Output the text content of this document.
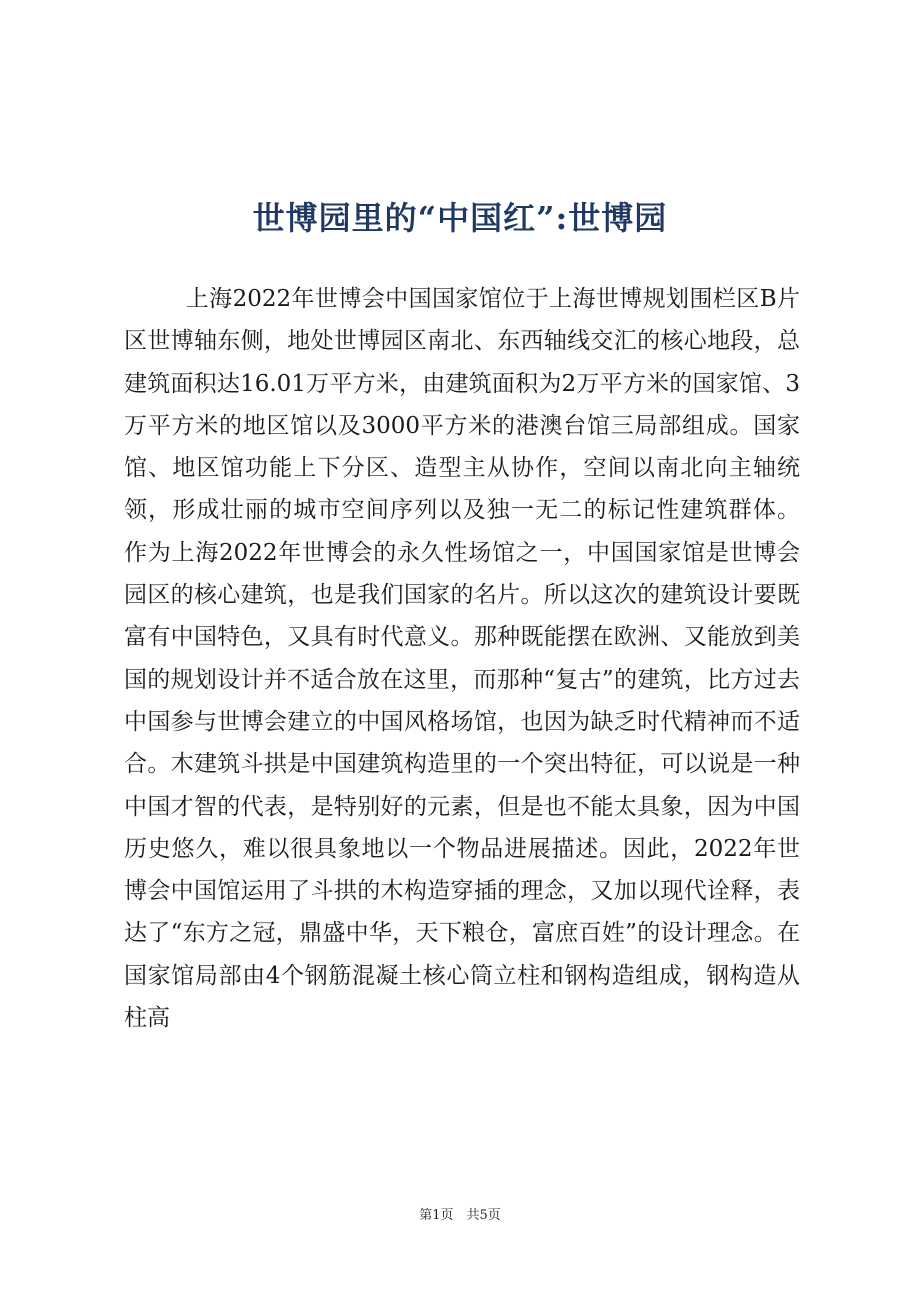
世博园里的“中国红”:世博园

上海2022年世博会中国国家馆位于上海世博规划围栏区B片区世博轴东侧，地处世博园区南北、东西轴线交汇的核心地段，总建筑面积达16.01万平方米，由建筑面积为2万平方米的国家馆、3万平方米的地区馆以及3000平方米的港澳台馆三局部组成。国家馆、地区馆功能上下分区、造型主从协作，空间以南北向主轴统领，形成壮丽的城市空间序列以及独一无二的标记性建筑群体。        作为上海2022年世博会的永久性场馆之一，中国国家馆是世博会园区的核心建筑，也是我们国家的名片。所以这次的建筑设计要既富有中国特色，又具有时代意义。那种既能摆在欧洲、又能放到美国的规划设计并不适合放在这里，而那种“复古”的建筑，比方过去中国参与世博会建立的中国风格场馆，也因为缺乏时代精神而不适合。木建筑斗拱是中国建筑构造里的一个突出特征，可以说是一种中国才智的代表，是特别好的元素，但是也不能太具象，因为中国历史悠久，难以很具象地以一个物品进展描述。因此，2022年世博会中国馆运用了斗拱的木构造穿插的理念，又加以现代诠释，表达了“东方之冠，鼎盛中华，天下粮仓，富庶百姓”的设计理念。在国家馆局部由4个钢筋混凝土核心筒立柱和钢构造组成，钢构造从柱高

第1页　共5页
